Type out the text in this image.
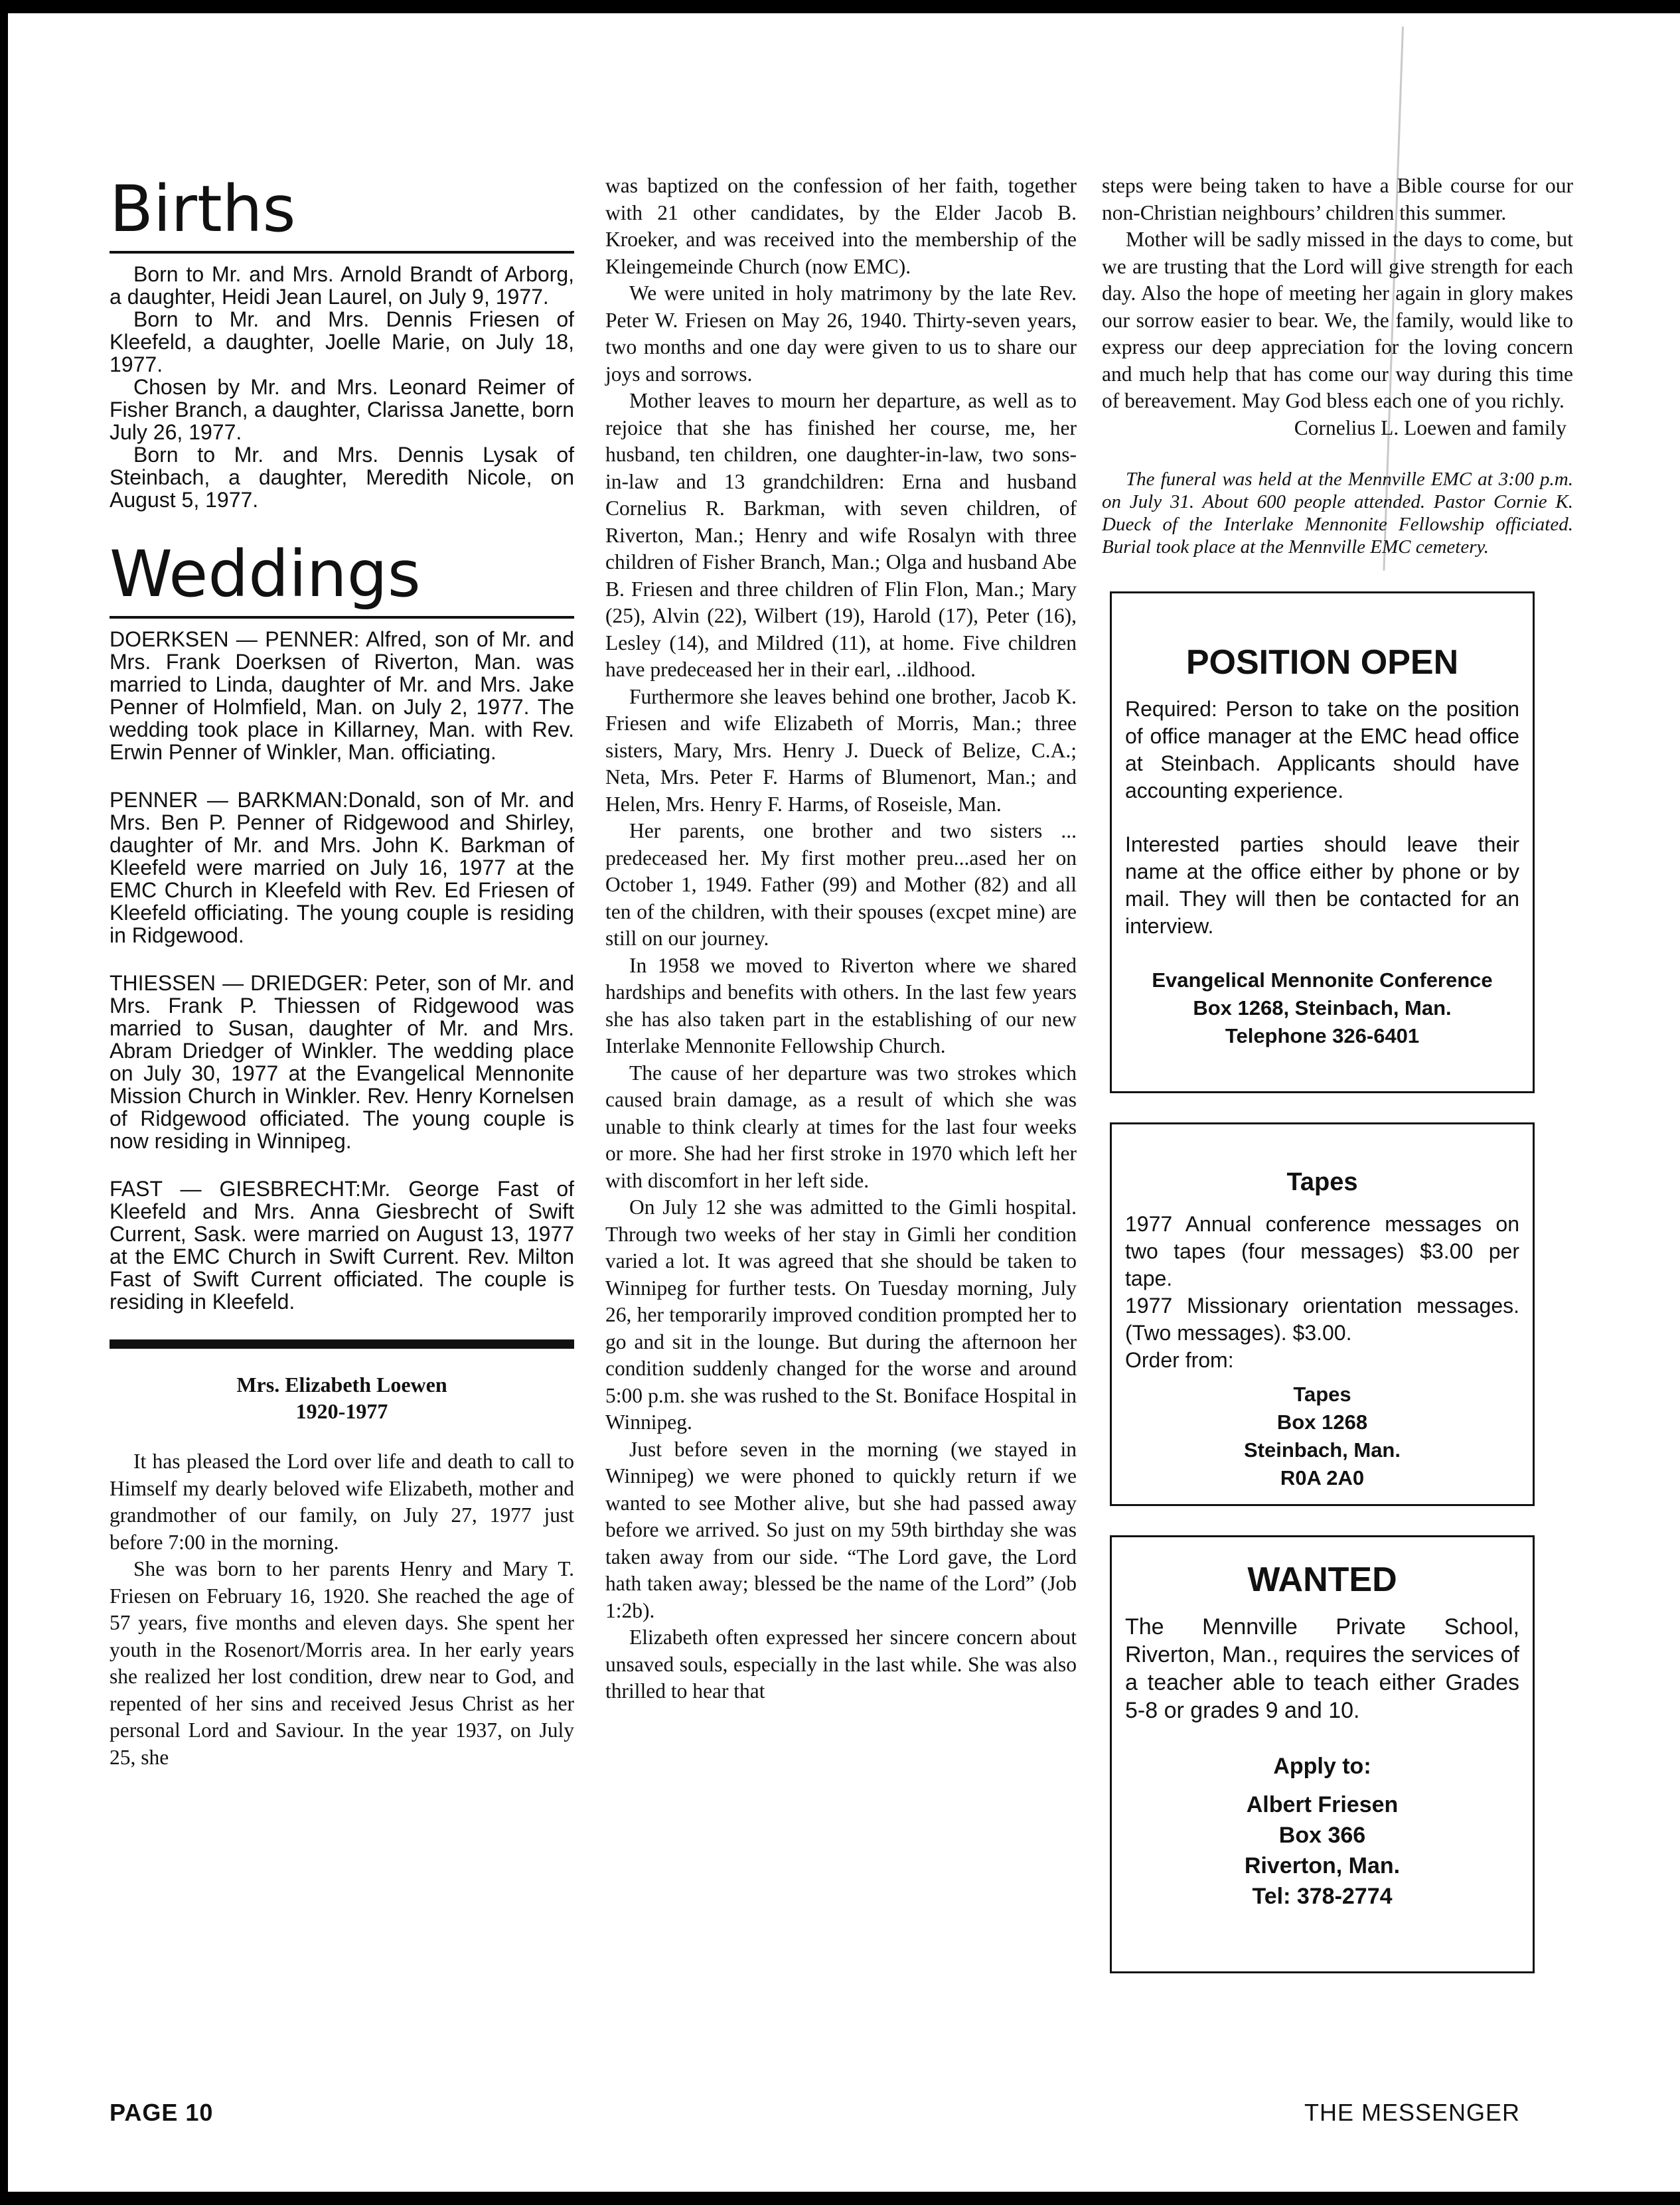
Births

Born to Mr. and Mrs. Arnold Brandt of Arborg, a daughter, Heidi Jean Laurel, on July 9, 1977.

Born to Mr. and Mrs. Dennis Friesen of Kleefeld, a daughter, Joelle Marie, on July 18, 1977.

Chosen by Mr. and Mrs. Leonard Reimer of Fisher Branch, a daughter, Clarissa Janette, born July 26, 1977.

Born to Mr. and Mrs. Dennis Lysak of Steinbach, a daughter, Meredith Nicole, on August 5, 1977.

Weddings

DOERKSEN — PENNER: Alfred, son of Mr. and Mrs. Frank Doerksen of Riverton, Man. was married to Linda, daughter of Mr. and Mrs. Jake Penner of Holmfield, Man. on July 2, 1977. The wedding took place in Killarney, Man. with Rev. Erwin Penner of Winkler, Man. officiating.

PENNER — BARKMAN:Donald, son of Mr. and Mrs. Ben P. Penner of Ridgewood and Shirley, daughter of Mr. and Mrs. John K. Barkman of Kleefeld were married on July 16, 1977 at the EMC Church in Kleefeld with Rev. Ed Friesen of Kleefeld officiating. The young couple is residing in Ridgewood.

THIESSEN — DRIEDGER: Peter, son of Mr. and Mrs. Frank P. Thiessen of Ridgewood was married to Susan, daughter of Mr. and Mrs. Abram Driedger of Winkler. The wedding place on July 30, 1977 at the Evangelical Mennonite Mission Church in Winkler. Rev. Henry Kornelsen of Ridgewood officiated. The young couple is now residing in Winnipeg.

FAST — GIESBRECHT:Mr. George Fast of Kleefeld and Mrs. Anna Giesbrecht of Swift Current, Sask. were married on August 13, 1977 at the EMC Church in Swift Current. Rev. Milton Fast of Swift Current officiated. The couple is residing in Kleefeld.

Mrs. Elizabeth Loewen
1920-1977

It has pleased the Lord over life and death to call to Himself my dearly beloved wife Elizabeth, mother and grandmother of our family, on July 27, 1977 just before 7:00 in the morning.

She was born to her parents Henry and Mary T. Friesen on February 16, 1920. She reached the age of 57 years, five months and eleven days. She spent her youth in the Rosenort/Morris area. In her early years she realized her lost condition, drew near to God, and repented of her sins and received Jesus Christ as her personal Lord and Saviour. In the year 1937, on July 25, she

was baptized on the confession of her faith, together with 21 other candidates, by the Elder Jacob B. Kroeker, and was received into the membership of the Kleingemeinde Church (now EMC).

We were united in holy matrimony by the late Rev. Peter W. Friesen on May 26, 1940. Thirty-seven years, two months and one day were given to us to share our joys and sorrows.

Mother leaves to mourn her departure, as well as to rejoice that she has finished her course, me, her husband, ten children, one daughter-in-law, two sons-in-law and 13 grandchildren: Erna and husband Cornelius R. Barkman, with seven children, of Riverton, Man.; Henry and wife Rosalyn with three children of Fisher Branch, Man.; Olga and husband Abe B. Friesen and three children of Flin Flon, Man.; Mary (25), Alvin (22), Wilbert (19), Harold (17), Peter (16), Lesley (14), and Mildred (11), at home. Five children have predeceased her in their earl, ..ildhood.

Furthermore she leaves behind one brother, Jacob K. Friesen and wife Elizabeth of Morris, Man.; three sisters, Mary, Mrs. Henry J. Dueck of Belize, C.A.; Neta, Mrs. Peter F. Harms of Blumenort, Man.; and Helen, Mrs. Henry F. Harms, of Roseisle, Man.

Her parents, one brother and two sisters ... predeceased her. My first mother preu...ased her on October 1, 1949. Father (99) and Mother (82) and all ten of the children, with their spouses (excpet mine) are still on our journey.

In 1958 we moved to Riverton where we shared hardships and benefits with others. In the last few years she has also taken part in the establishing of our new Interlake Mennonite Fellowship Church.

The cause of her departure was two strokes which caused brain damage, as a result of which she was unable to think clearly at times for the last four weeks or more. She had her first stroke in 1970 which left her with discomfort in her left side.

On July 12 she was admitted to the Gimli hospital. Through two weeks of her stay in Gimli her condition varied a lot. It was agreed that she should be taken to Winnipeg for further tests. On Tuesday morning, July 26, her temporarily improved condition prompted her to go and sit in the lounge. But during the afternoon her condition suddenly changed for the worse and around 5:00 p.m. she was rushed to the St. Boniface Hospital in Winnipeg.

Just before seven in the morning (we stayed in Winnipeg) we were phoned to quickly return if we wanted to see Mother alive, but she had passed away before we arrived. So just on my 59th birthday she was taken away from our side. “The Lord gave, the Lord hath taken away; blessed be the name of the Lord” (Job 1:2b).

Elizabeth often expressed her sincere concern about unsaved souls, especially in the last while. She was also thrilled to hear that

steps were being taken to have a Bible course for our non-Christian neighbours’ children this summer.

Mother will be sadly missed in the days to come, but we are trusting that the Lord will give strength for each day. Also the hope of meeting her again in glory makes our sorrow easier to bear. We, the family, would like to express our deep appreciation for the loving concern and much help that has come our way during this time of bereavement. May God bless each one of you richly.

Cornelius L. Loewen and family

The funeral was held at the Mennville EMC at 3:00 p.m. on July 31. About 600 people attended. Pastor Cornie K. Dueck of the Interlake Mennonite Fellowship officiated. Burial took place at the Mennville EMC cemetery.

POSITION OPEN

Required: Person to take on the position of office manager at the EMC head office at Steinbach. Applicants should have accounting experience.

Interested parties should leave their name at the office either by phone or by mail. They will then be contacted for an interview.

Evangelical Mennonite Conference

Box 1268, Steinbach, Man.

Telephone 326-6401

Tapes

1977 Annual conference messages on two tapes (four messages) $3.00 per tape.

1977 Missionary orientation messages. (Two messages). $3.00.

Order from:

Tapes

Box 1268

Steinbach, Man.

R0A 2A0

WANTED

The Mennville Private School, Riverton, Man., requires the services of a teacher able to teach either Grades 5-8 or grades 9 and 10.

Apply to:

Albert Friesen

Box 366

Riverton, Man.

Tel: 378-2774

PAGE 10	THE MESSENGER
